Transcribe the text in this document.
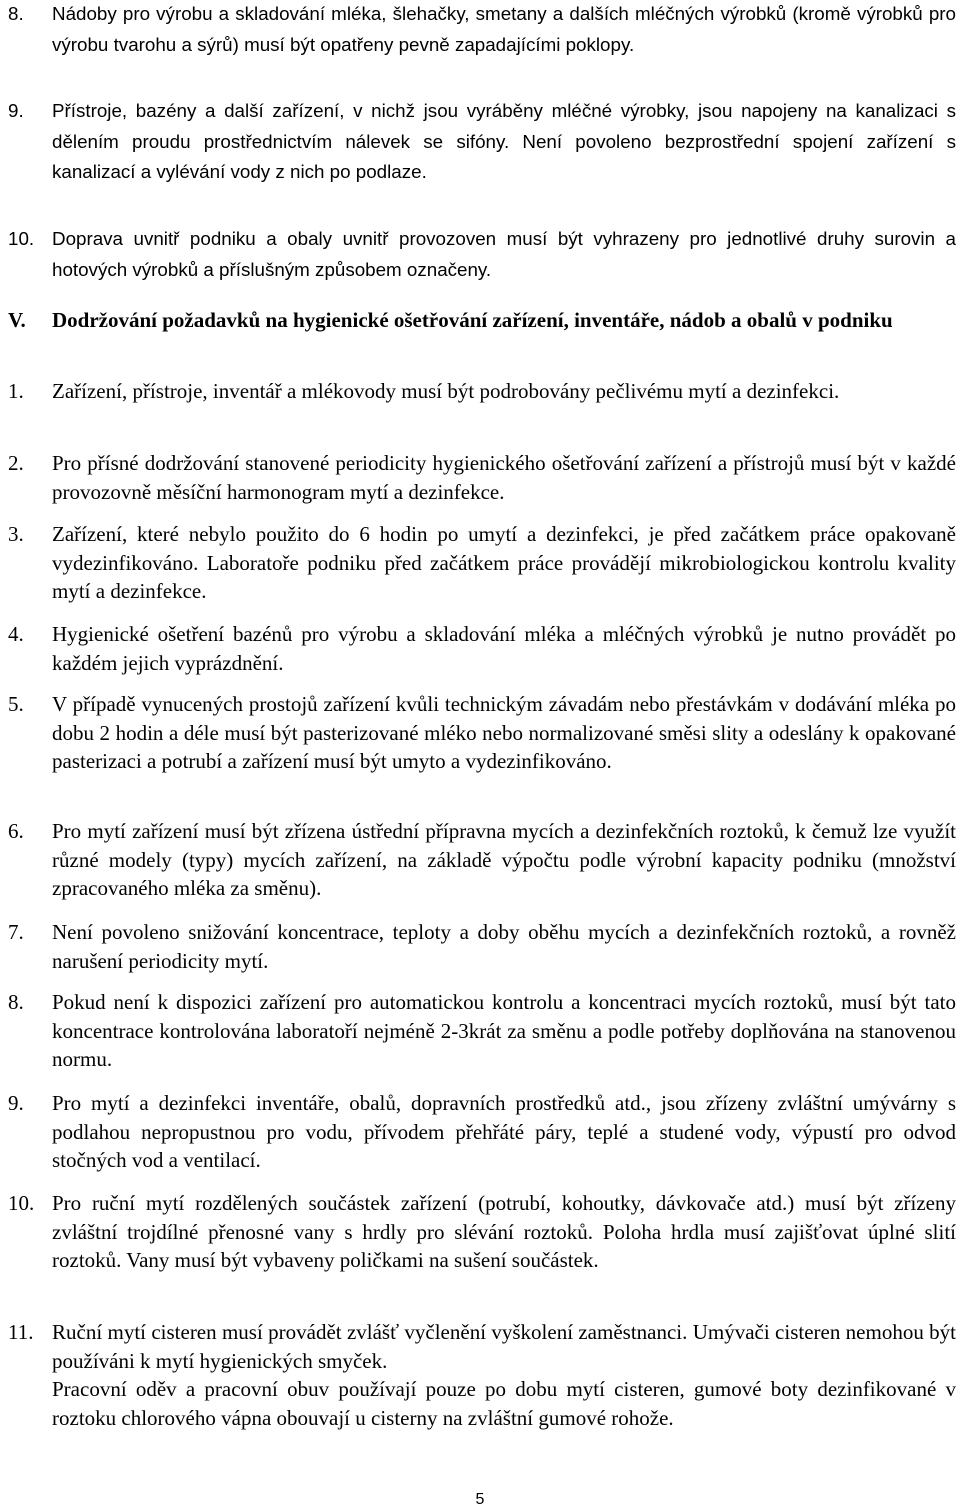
8.	Nádoby pro výrobu a skladování mléka, šlehačky, smetany a dalších mléčných výrobků (kromě výrobků pro výrobu tvarohu a sýrů) musí být opatřeny pevně zapadajícími poklopy.

9.	Přístroje, bazény a další zařízení, v nichž jsou vyráběny mléčné výrobky, jsou napojeny na kanalizaci s dělením proudu prostřednictvím nálevek se sifóny. Není povoleno bezprostřední spojení zařízení s kanalizací a vylévání vody z nich po podlaze.

10. Doprava uvnitř podniku a obaly uvnitř provozoven musí být vyhrazeny pro jednotlivé druhy surovin a hotových výrobků a příslušným způsobem označeny.

V.	Dodržování požadavků na hygienické ošetřování zařízení, inventáře, nádob a obalů v podniku

1.	Zařízení, přístroje, inventář a mlékovody musí být podrobovány pečlivému mytí a dezinfekci.

2.	Pro přísné dodržování stanovené periodicity hygienického ošetřování zařízení a přístrojů musí být v každé provozovně měsíční harmonogram mytí a dezinfekce.

3.	Zařízení, které nebylo použito do 6 hodin po umytí a dezinfekci, je před začátkem práce opakovaně vydezinfikováno. Laboratoře podniku před začátkem práce provádějí mikrobiologickou kontrolu kvality mytí a dezinfekce.

4.	Hygienické ošetření bazénů pro výrobu a skladování mléka a mléčných výrobků je nutno provádět po každém jejich vyprázdnění.

5.	V případě vynucených prostojů zařízení kvůli technickým závadám nebo přestávkám v dodávání mléka po dobu 2 hodin a déle musí být pasterizované mléko nebo normalizované směsi slity a odeslány k opakované pasterizaci a potrubí a zařízení musí být umyto a vydezinfikováno.

6.	Pro mytí zařízení musí být zřízena ústřední přípravna mycích a dezinfekčních roztoků, k čemuž lze využít různé modely (typy) mycích zařízení, na základě výpočtu podle výrobní kapacity podniku (množství zpracovaného mléka za směnu).

7.	Není povoleno snižování koncentrace, teploty a doby oběhu mycích a dezinfekčních roztoků, a rovněž narušení periodicity mytí.

8.	Pokud není k dispozici zařízení pro automatickou kontrolu a koncentraci mycích roztoků, musí být tato koncentrace kontrolována laboratoří nejméně 2-3krát za směnu a podle potřeby doplňována na stanovenou normu.

9.	Pro mytí a dezinfekci inventáře, obalů, dopravních prostředků atd., jsou zřízeny zvláštní umývárny s podlahou nepropustnou pro vodu, přívodem přehřáté páry, teplé a studené vody, výpustí pro odvod stočných vod a ventilací.

10. Pro ruční mytí rozdělených součástek zařízení (potrubí, kohoutky, dávkovače atd.) musí být zřízeny zvláštní trojdílné přenosné vany s hrdly pro slévání roztoků. Poloha hrdla musí zajišťovat úplné slití roztoků. Vany musí být vybaveny poličkami na sušení součástek.

11. Ruční mytí cisteren musí provádět zvlášť vyčlenění vyškolení zaměstnanci. Umývači cisteren nemohou být používáni k mytí hygienických smyček.

Pracovní oděv a pracovní obuv používají pouze po dobu mytí cisteren, gumové boty dezinfikované v roztoku chlorového vápna obouvají u cisterny na zvláštní gumové rohože.

5
